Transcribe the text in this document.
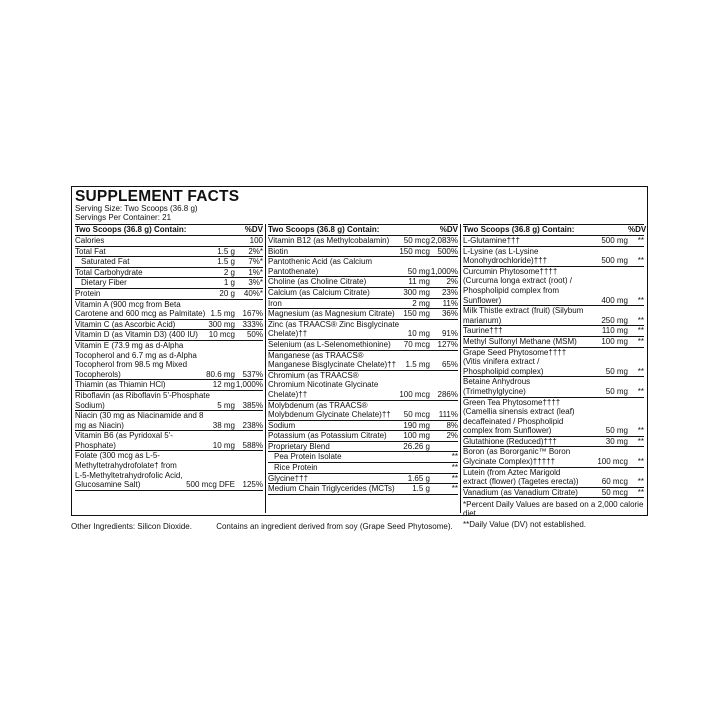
SUPPLEMENT FACTS
Serving Size: Two Scoops (36.8 g)
Servings Per Container: 21
Two Scoops (36.8 g) Contain:	%DV
Calories	100
Total Fat	1.5 g	2%*
Saturated Fat	1.5 g	7%*
Total Carbohydrate	2 g	1%*
Dietary Fiber	1 g	3%*
Protein	20 g	40%*
Vitamin A (900 mcg from Beta Carotene and 600 mcg as Palmitate) 1.5 mg 167%
Vitamin C (as Ascorbic Acid)	300 mg 333%
Vitamin D (as Vitamin D3) (400 IU)	10 mcg	50%
Vitamin E (73.9 mg as d-Alpha Tocopherol and 6.7 mg as d-Alpha Tocopherol from 98.5 mg Mixed Tocopherols)	80.6 mg 537%
Thiamin (as Thiamin HCl)	12 mg 1,000%
Riboflavin (as Riboflavin 5'-Phosphate Sodium)	5 mg 385%
Niacin (30 mg as Niacinamide and 8 mg as Niacin)	38 mg 238%
Vitamin B6 (as Pyridoxal 5'-Phosphate)	10 mg 588%
Folate (300 mcg as L-5-Methyltetrahydrofolate† from L-5-Methyltetrahydrofolic Acid, Glucosamine Salt)	500 mcg DFE 125%
Two Scoops (36.8 g) Contain:	%DV
Vitamin B12 (as Methylcobalamin)	50 mcg 2,083%
Biotin	150 mcg 500%
Pantothenic Acid (as Calcium Pantothenate)	50 mg 1,000%
Choline (as Choline Citrate)	11 mg	2%
Calcium (as Calcium Citrate)	300 mg	23%
Iron	2 mg	11%
Magnesium (as Magnesium Citrate)	150 mg	36%
Zinc (as TRAACS® Zinc Bisglycinate Chelate)††	10 mg	91%
Selenium (as L-Selenomethionine)	70 mcg 127%
Manganese (as TRAACS® Manganese Bisglycinate Chelate)††	1.5 mg	65%
Chromium (as TRAACS® Chromium Nicotinate Glycinate Chelate)††	100 mcg 286%
Molybdenum (as TRAACS® Molybdenum Glycinate Chelate)††	50 mcg	111%
Sodium	190 mg	8%
Potassium (as Potassium Citrate)	100 mg	2%
Proprietary Blend	26.26 g
Pea Protein Isolate	**
Rice Protein	**
Glycine†††	1.65 g	**
Medium Chain Triglycerides (MCTs)	1.5 g	**
Two Scoops (36.8 g) Contain:	%DV
L-Glutamine†††	500 mg	**
L-Lysine (as L-Lysine Monohydrochloride)†††	500 mg	**
Curcumin Phytosome†††† (Curcuma longa extract (root) / Phospholipid complex from Sunflower)	400 mg	**
Milk Thistle extract (fruit) (Silybum marianum)	250 mg	**
Taurine†††	110 mg	**
Methyl Sulfonyl Methane (MSM)	100 mg	**
Grape Seed Phytosome†††† (Vitis vinifera extract / Phospholipid complex)	50 mg	**
Betaine Anhydrous (Trimethylglycine)	50 mg	**
Green Tea Phytosome†††† (Camellia sinensis extract (leaf) decaffeinated / Phospholipid complex from Sunflower)	50 mg	**
Glutathione (Reduced)†††	30 mg	**
Boron (as Bororganic™ Boron Glycinate Complex)†††††	100 mcg	**
Lutein (from Aztec Marigold extract (flower) (Tagetes erecta))	60 mcg	**
Vanadium (as Vanadium Citrate)	50 mcg	**
*Percent Daily Values are based on a 2,000 calorie diet.
**Daily Value (DV) not established.
Other Ingredients: Silicon Dioxide.	Contains an ingredient derived from soy (Grape Seed Phytosome).
